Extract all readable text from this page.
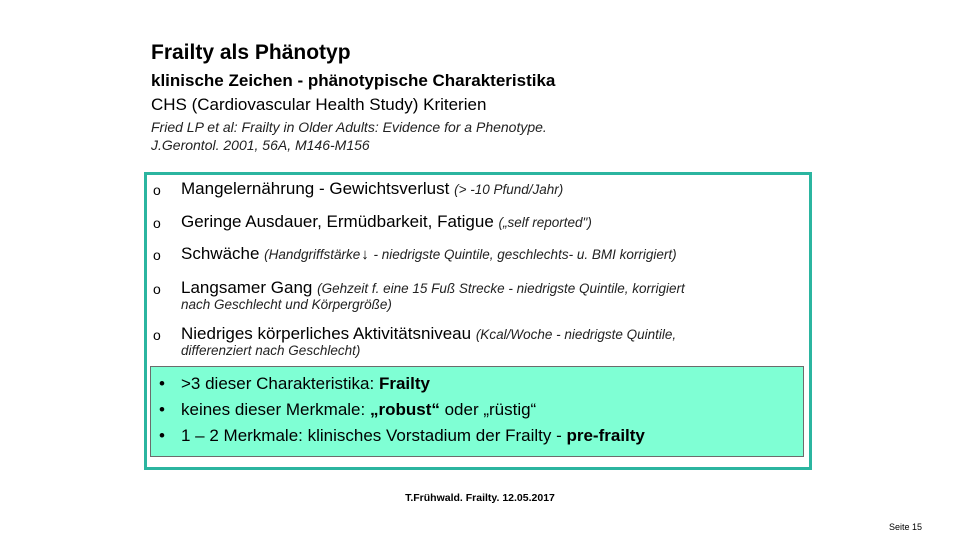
Frailty als Phänotyp
klinische Zeichen - phänotypische Charakteristika
CHS (Cardiovascular Health Study) Kriterien
Fried LP et al: Frailty in Older Adults: Evidence for a Phenotype.
J.Gerontol. 2001, 56A, M146-M156
o Mangelernährung - Gewichtsverlust (> -10 Pfund/Jahr)
o Geringe Ausdauer, Ermüdbarkeit, Fatigue („self reported")
o Schwäche (Handgriffstärke↓ - niedrigste Quintile, geschlechts- u. BMI korrigiert)
o Langsamer Gang (Gehzeit f. eine 15 Fuß Strecke - niedrigste Quintile, korrigiert
nach Geschlecht und Körpergröße)
o Niedriges körperliches Aktivitätsniveau (Kcal/Woche - niedrigste Quintile,
differenziert nach Geschlecht)
• >3 dieser Charakteristika: Frailty
• keines dieser Merkmale: „robust“ oder „rüstig“
• 1 – 2 Merkmale: klinisches Vorstadium der Frailty - pre-frailty
T.Frühwald. Frailty. 12.05.2017
Seite 15
